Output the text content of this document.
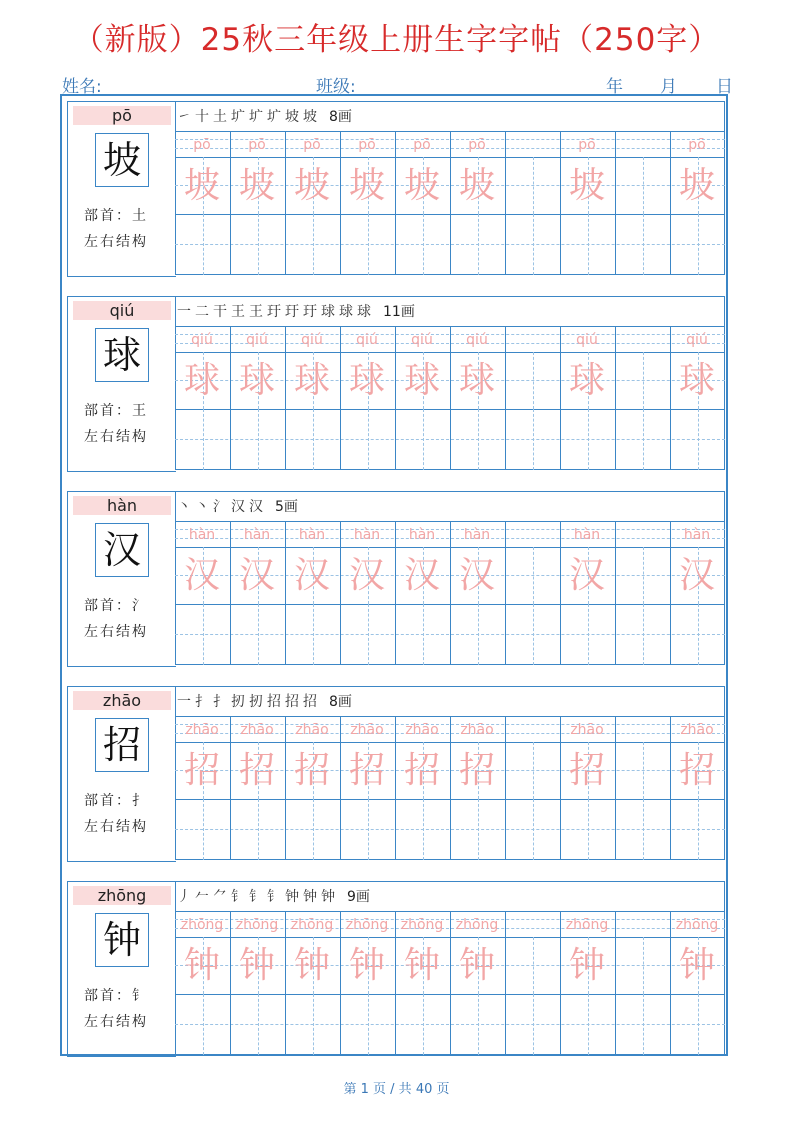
（新版）25秋三年级上册生字字帖（250字）
姓名:	班级:	年 月 日
pō
坡
部首：土
左右结构
㇀ 十 土 圹 圹 圹 坡 坡 8画
pō
坡
pō
坡
pō
坡
pō
坡
pō
坡
pō
坡
pō
坡
pō
坡
qiú
球
部首：王
左右结构
一 二 干 王 王 玗 玗 玗 球 球 球 11画
qiú
球
qiú
球
qiú
球
qiú
球
qiú
球
qiú
球
qiú
球
qiú
球
hàn
汉
部首：氵
左右结构
丶 丶 氵 汉 汉 5画
hàn
汉
hàn
汉
hàn
汉
hàn
汉
hàn
汉
hàn
汉
hàn
汉
hàn
汉
zhāo
招
部首：扌
左右结构
一 扌 扌 扨 扨 招 招 招 8画
zhāo
招
zhāo
招
zhāo
招
zhāo
招
zhāo
招
zhāo
招
zhāo
招
zhāo
招
zhōng
钟
部首：钅
左右结构
丿 𠂉 ⺈ 钅 钅 钅 钟 钟 钟 9画
zhōng
钟
zhōng
钟
zhōng
钟
zhōng
钟
zhōng
钟
zhōng
钟
zhōng
钟
zhōng
钟
第 1 页 / 共 40 页
